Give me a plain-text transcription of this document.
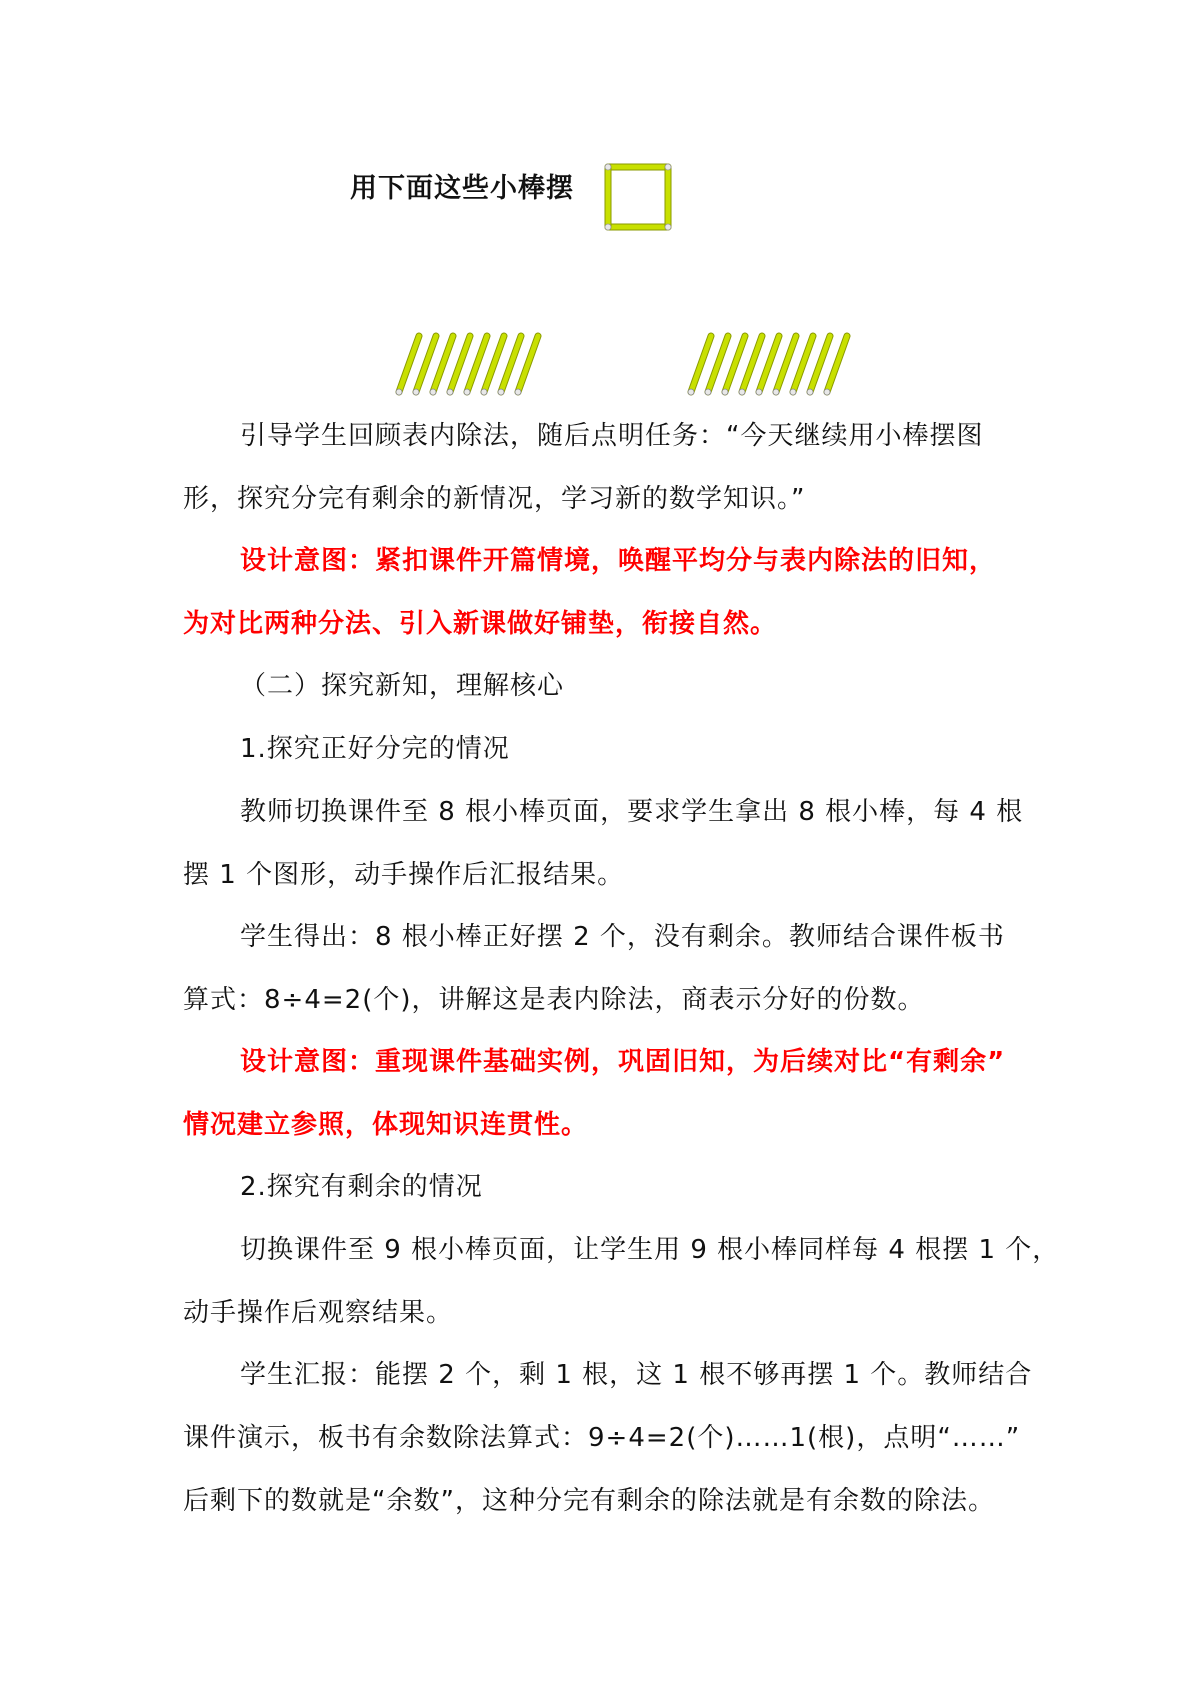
用下面这些小棒摆
引导学生回顾表内除法，随后点明任务：“今天继续用小棒摆图
形，探究分完有剩余的新情况，学习新的数学知识。”
设计意图：紧扣课件开篇情境，唤醒平均分与表内除法的旧知，
为对比两种分法、引入新课做好铺垫，衔接自然。
（二）探究新知，理解核心
1.探究正好分完的情况
教师切换课件至 8 根小棒页面，要求学生拿出 8 根小棒，每 4 根
摆 1 个图形，动手操作后汇报结果。
学生得出：8 根小棒正好摆 2 个，没有剩余。教师结合课件板书
算式：8÷4=2(个)，讲解这是表内除法，商表示分好的份数。
设计意图：重现课件基础实例，巩固旧知，为后续对比“有剩余”
情况建立参照，体现知识连贯性。
2.探究有剩余的情况
切换课件至 9 根小棒页面，让学生用 9 根小棒同样每 4 根摆 1 个，
动手操作后观察结果。
学生汇报：能摆 2 个，剩 1 根，这 1 根不够再摆 1 个。教师结合
课件演示，板书有余数除法算式：9÷4=2(个)……1(根)，点明“……”
后剩下的数就是“余数”，这种分完有剩余的除法就是有余数的除法。
